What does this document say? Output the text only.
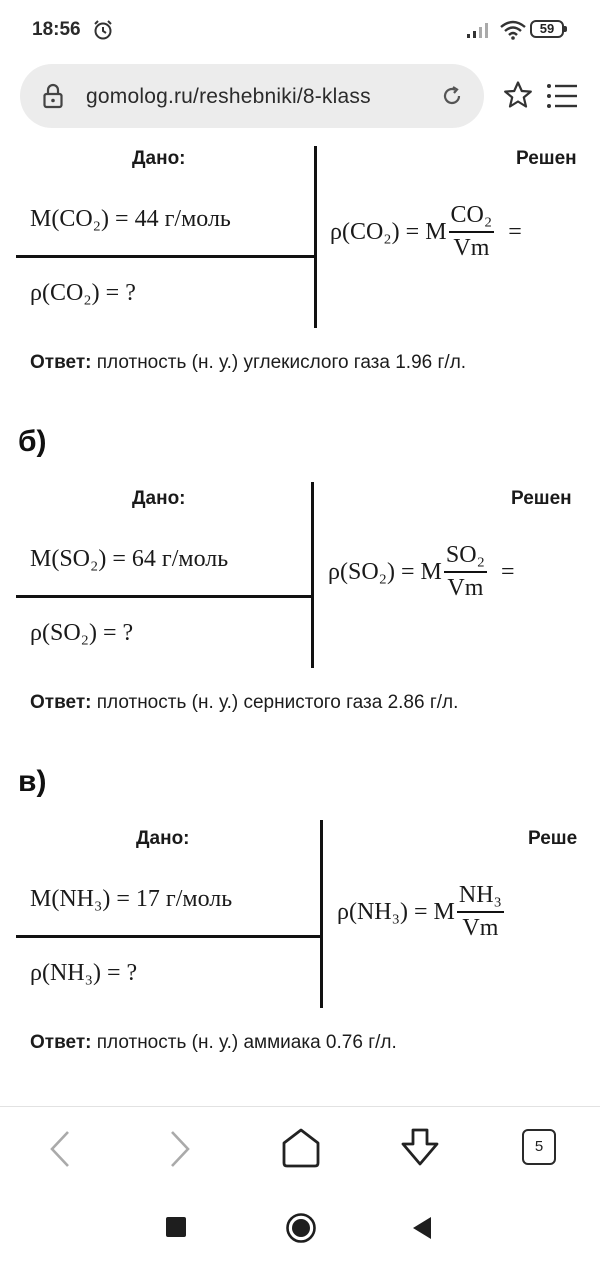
18:56	59
gomolog.ru/reshebniki/8-klass
Дано:	Решен
M(CO₂) = 44 г/моль
ρ(CO₂) = ?
ρ(CO₂) = M $\frac{\text{CO₂}}{Vm}$ =
Ответ: плотность (н. у.) углекислого газа 1.96 г/л.
б)
Дано:	Решен
M(SO₂) = 64 г/моль
ρ(SO₂) = ?
ρ(SO₂) = M $\frac{\text{SO₂}}{Vm}$ =
Ответ: плотность (н. у.) сернистого газа 2.86 г/л.
в)
Дано:	Реше
M(NH₃) = 17 г/моль
ρ(NH₃) = ?
ρ(NH₃) = M $\frac{\text{NH₃}}{Vm}$
Ответ: плотность (н. у.) аммиака 0.76 г/л.
5
